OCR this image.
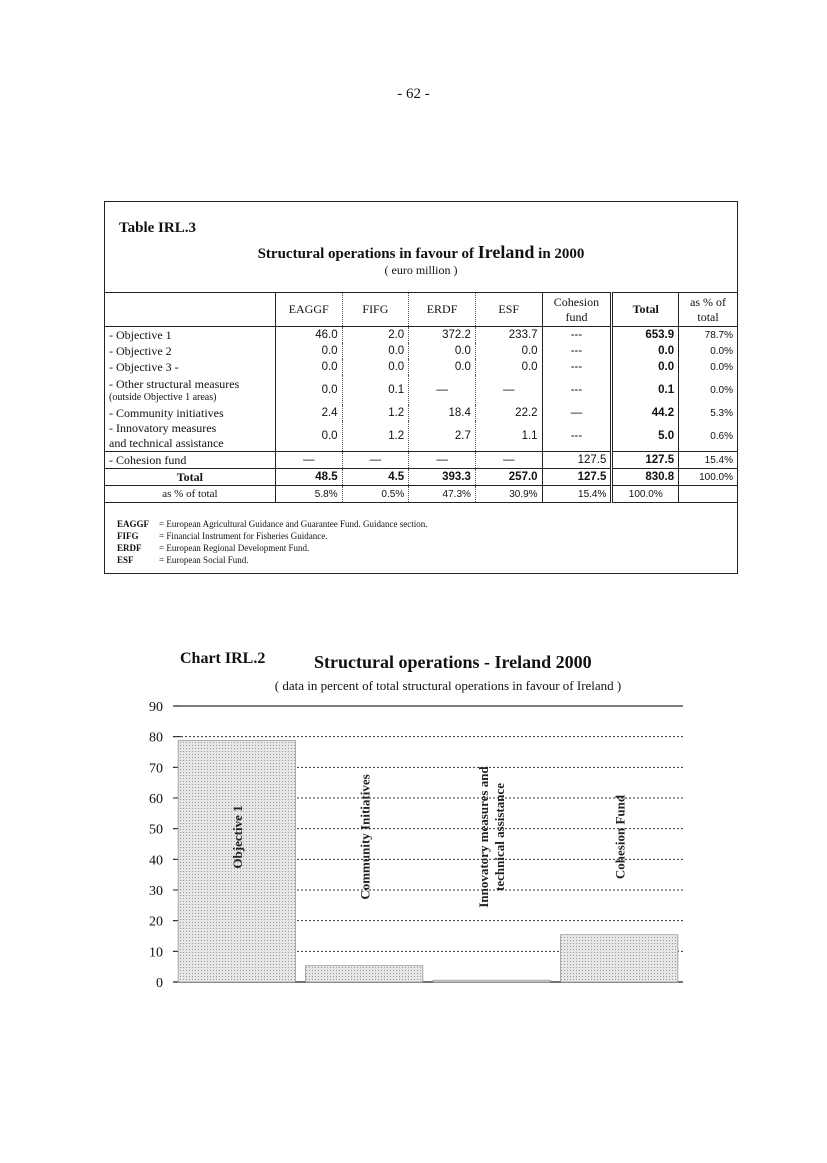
- 62 -
Table IRL.3
Structural operations in favour of Ireland in 2000
( euro million )
	EAGGF	FIFG	ERDF	ESF	Cohesion fund	Total	as % of total

- Objective 1	46.0	2.0	372.2	233.7	---	653.9	78.7%

- Objective 2	0.0	0.0	0.0	0.0	---	0.0	0.0%

- Objective 3 -	0.0	0.0	0.0	0.0	---	0.0	0.0%

- Other structural measures
(outside Objective 1 areas)	0.0	0.1	—	—	---	0.1	0.0%

- Community initiatives	2.4	1.2	18.4	22.2	—	44.2	5.3%

- Innovatory measures
and technical assistance	0.0	1.2	2.7	1.1	---	5.0	0.6%

- Cohesion fund	—	—	—	—	127.5	127.5	15.4%
Total	48.5	4.5	393.3	257.0	127.5	830.8	100.0%
as % of total	5.8%	0.5%	47.3%	30.9%	15.4%	100.0%	
EAGGF = European Agricultural Guidance and Guarantee Fund. Guidance section.
FIFG = Financial Instrument for Fisheries Guidance.
ERDF = European Regional Development Fund.
ESF	= European Social Fund.
Chart IRL.2	Structural operations - Ireland 2000
( data in percent of total structural operations in favour of Ireland )
0
10
20
30
40
50
60
70
80
90
Objective 1	Community Initiatives	Innovatory measures andtechnical assistance	Cohesion Fund
